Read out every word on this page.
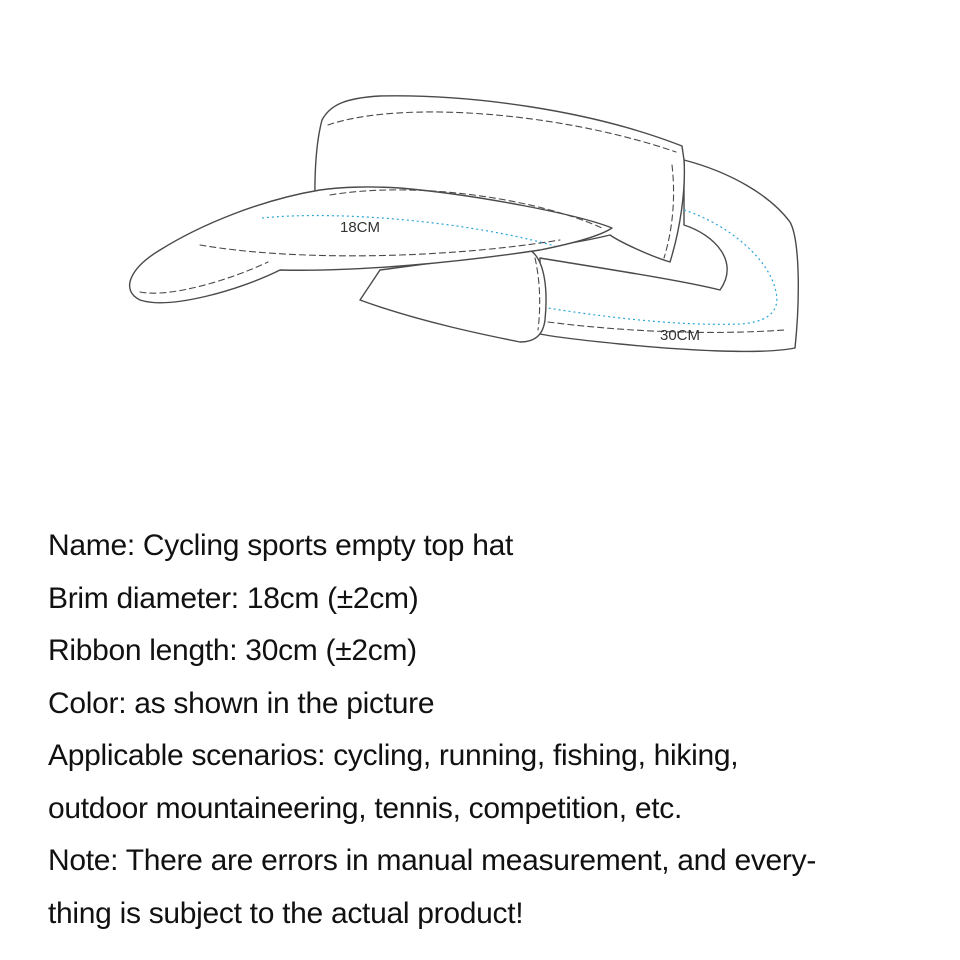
18CM
30CM
Name: Cycling sports empty top hat
Brim diameter: 18cm (±2cm)
Ribbon length: 30cm (±2cm)
Color: as shown in the picture
Applicable scenarios: cycling, running, fishing, hiking,
outdoor mountaineering, tennis, competition, etc.
Note: There are errors in manual measurement, and every-
thing is subject to the actual product!
